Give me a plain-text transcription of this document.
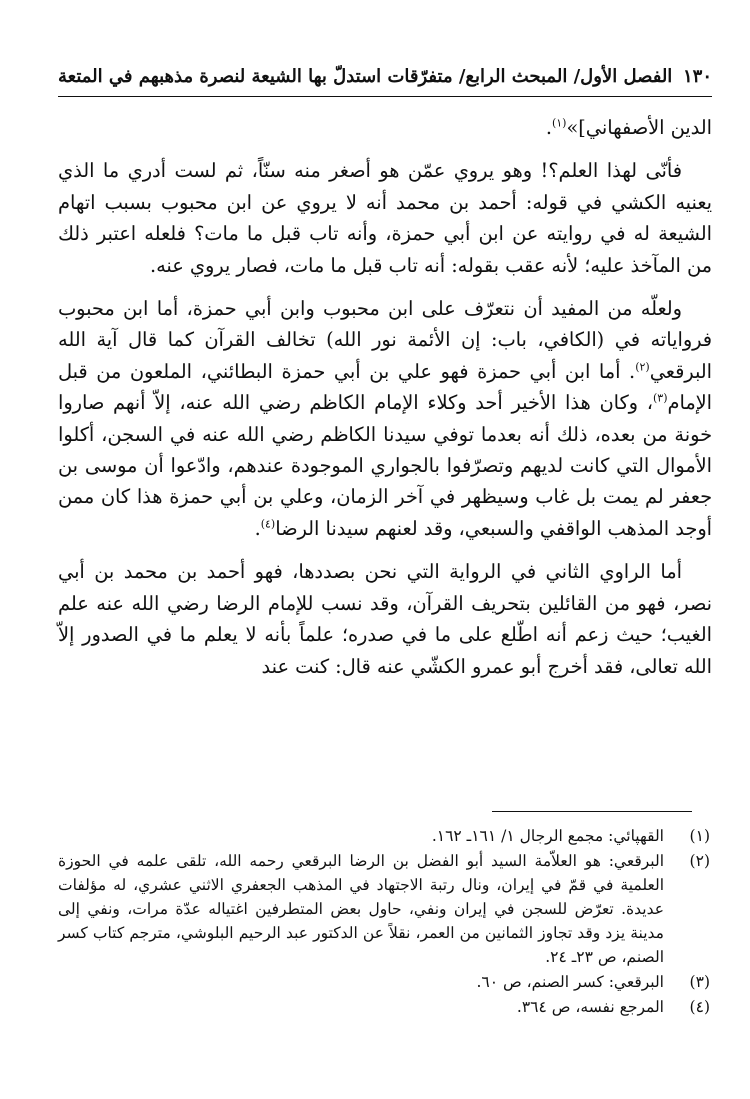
١٣٠
الفصل الأول/ المبحث الرابع/ متفرّقات استدلّ بها الشيعة لنصرة مذهبهم في المتعة

الدين الأصفهاني]»$^{(١)}$.

فأنّى لهذا العلم؟! وهو يروي عمّن هو أصغر منه سنّاً، ثم لست أدري ما الذي يعنيه الكشي في قوله: أحمد بن محمد أنه لا يروي عن ابن محبوب بسبب اتهام الشيعة له في روايته عن ابن أبي حمزة، وأنه تاب قبل ما مات؟ فلعله اعتبر ذلك من المآخذ عليه؛ لأنه عقب بقوله: أنه تاب قبل ما مات، فصار يروي عنه.

ولعلّه من المفيد أن نتعرّف على ابن محبوب وابن أبي حمزة، أما ابن محبوب فرواياته في (الكافي، باب: إن الأئمة نور الله) تخالف القرآن كما قال آية الله البرقعي$^{(٢)}$. أما ابن أبي حمزة فهو علي بن أبي حمزة البطائني، الملعون من قبل الإمام$^{(٣)}$، وكان هذا الأخير أحد وكلاء الإمام الكاظم رضي الله عنه، إلاّ أنهم صاروا خونة من بعده، ذلك أنه بعدما توفي سيدنا الكاظم رضي الله عنه في السجن، أكلوا الأموال التي كانت لديهم وتصرّفوا بالجواري الموجودة عندهم، وادّعوا أن موسى بن جعفر لم يمت بل غاب وسيظهر في آخر الزمان، وعلي بن أبي حمزة هذا كان ممن أوجد المذهب الواقفي والسبعي، وقد لعنهم سيدنا الرضا$^{(٤)}$.

أما الراوي الثاني في الرواية التي نحن بصددها، فهو أحمد بن محمد بن أبي نصر، فهو من القائلين بتحريف القرآن، وقد نسب للإمام الرضا رضي الله عنه علم الغيب؛ حيث زعم أنه اطّلع على ما في صدره؛ علماً بأنه لا يعلم ما في الصدور إلاّ الله تعالى، فقد أخرج أبو عمرو الكشّي عنه قال: كنت عند

(١)
القهپائي: مجمع الرجال ١/ ١٦١ـ ١٦٢.
(٢)
البرقعي: هو العلاّمة السيد أبو الفضل بن الرضا البرقعي رحمه الله، تلقى علمه في الحوزة العلمية في قمّ في إيران، ونال رتبة الاجتهاد في المذهب الجعفري الاثني عشري، له مؤلفات عديدة. تعرّض للسجن في إيران ونفي، حاول بعض المتطرفين اغتياله عدّة مرات، ونفي إلى مدينة يزد وقد تجاوز الثمانين من العمر، نقلاً عن الدكتور عبد الرحيم البلوشي، مترجم كتاب كسر الصنم، ص ٢٣ـ ٢٤.
(٣)
البرقعي: كسر الصنم، ص ٦٠.
(٤)
المرجع نفسه، ص ٣٦٤.
